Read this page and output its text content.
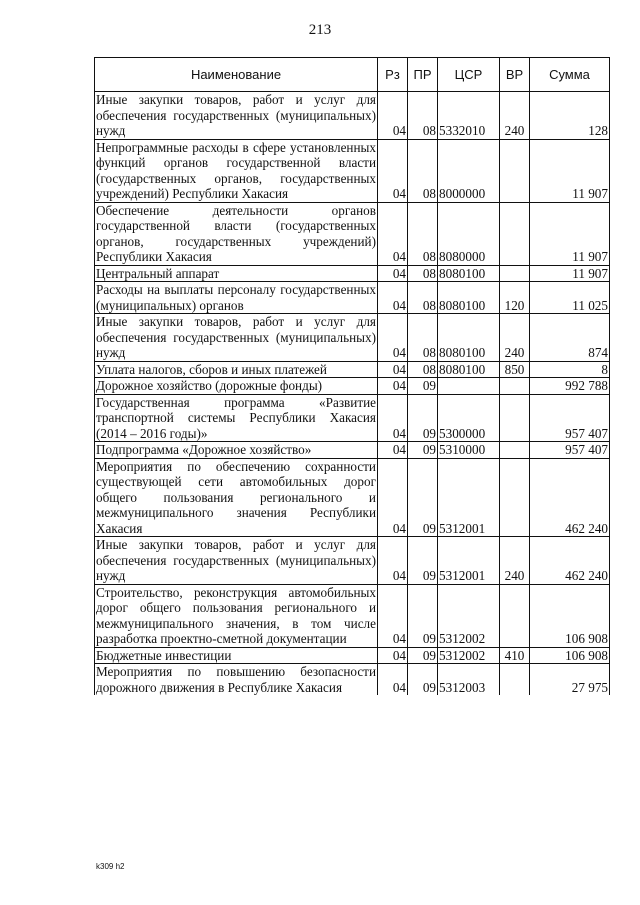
213
Наименование	Рз	ПР	ЦСР	ВР	Сумма
Иные закупки товаров, работ и услуг для обеспечения государственных (муниципальных) нужд	04	08	5332010	240	128
Непрограммные расходы в сфере установленных функций органов государственной власти (государственных органов, государственных учреждений) Республики Хакасия	04	08	8000000		11 907
Обеспечение деятельности органов государственной власти (государственных органов, государственных учреждений) Республики Хакасия	04	08	8080000		11 907
Центральный аппарат	04	08	8080100		11 907
Расходы на выплаты персоналу государственных (муниципальных) органов	04	08	8080100	120	11 025
Иные закупки товаров, работ и услуг для обеспечения государственных (муниципальных) нужд	04	08	8080100	240	874
Уплата налогов, сборов и иных платежей	04	08	8080100	850	8
Дорожное хозяйство (дорожные фонды)	04	09			992 788
Государственная программа «Развитие транспортной системы Республики Хакасия (2014 – 2016 годы)»	04	09	5300000		957 407
Подпрограмма «Дорожное хозяйство»	04	09	5310000		957 407
Мероприятия по обеспечению сохранности существующей сети автомобильных дорог общего пользования регионального и межмуниципального значения Республики Хакасия	04	09	5312001		462 240
Иные закупки товаров, работ и услуг для обеспечения государственных (муниципальных) нужд	04	09	5312001	240	462 240
Строительство, реконструкция автомобильных дорог общего пользования регионального и межмуниципального значения, в том числе разработка проектно-сметной документации	04	09	5312002		106 908
Бюджетные инвестиции	04	09	5312002	410	106 908
Мероприятия по повышению безопасности дорожного движения в Республике Хакасия	04	09	5312003		27 975
k309 h2
